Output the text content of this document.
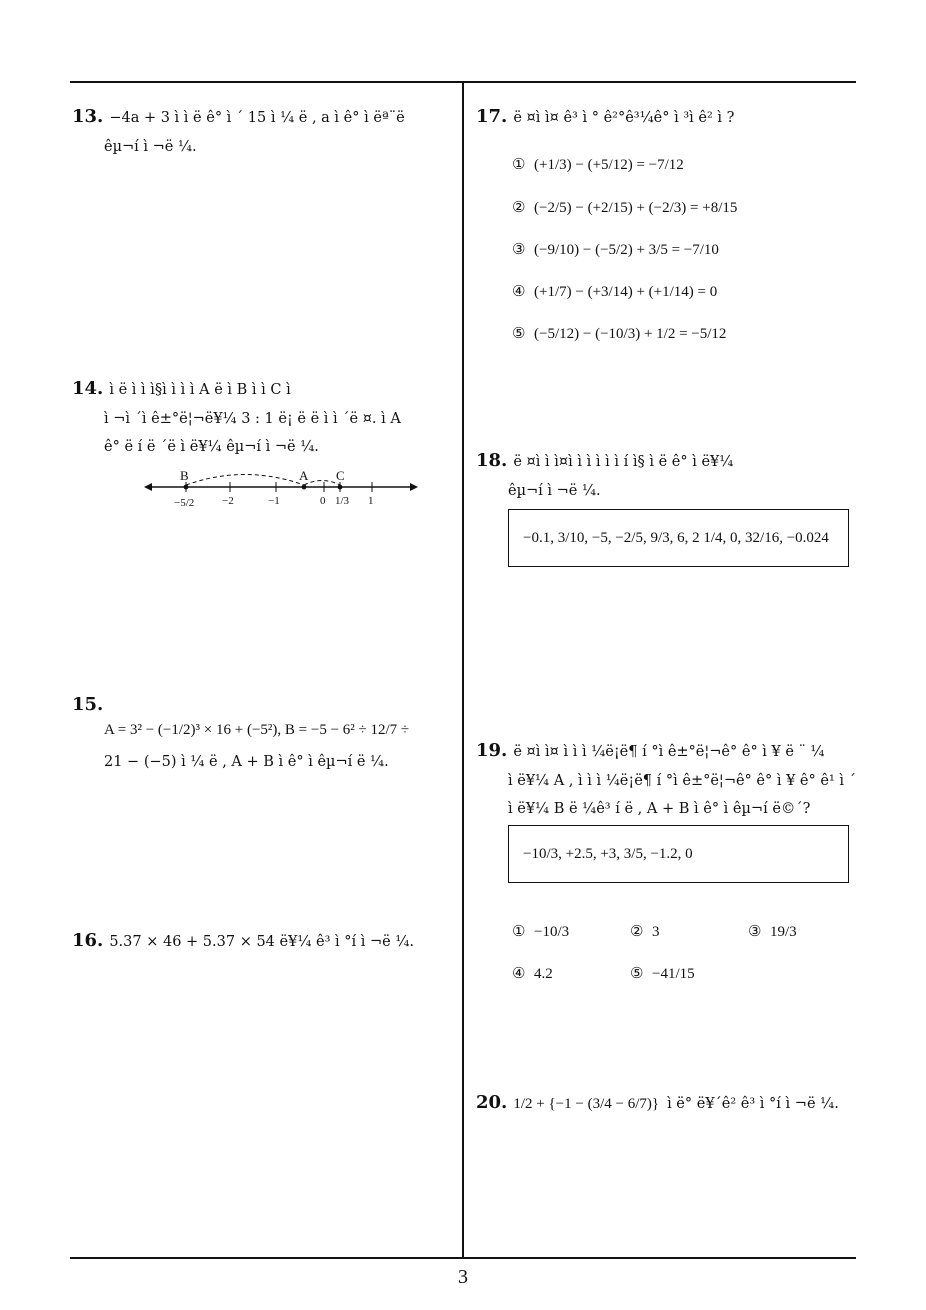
13. −4a + 3 ì ì ë ê° ì ´ 15 ì ¼ ë , a ì ê° ì ëª¨ë
êµ¬í ì ¬ë ¼.
14. ì ë ì ì ì§ì ì ì ì A ë ì B ì ì C ì
ì ¬ì ´ì ê±°ë¦¬ë¥¼ 3 : 1 ë¡ ë ë ì ì ´ë ¤. ì A
ê° ë í ë ´ë ì ë¥¼ êµ¬í ì ¬ë ¼.
B	A C
−5/2	−2	−1	0 1/3 1
15.
A = 3² − (−1/2)³ × 16 + (−5²), B = −5 − 6² ÷ 12/7 ÷
21 − (−5) ì ¼ ë , A + B ì ê° ì êµ¬í ë ¼.
16. 5.37 × 46 + 5.37 × 54 ë¥¼ ê³ ì °í ì ¬ë ¼.
17. ë ¤ì ì¤ ê³ ì ° ê²°ê³¼ê° ì ³ì ê² ì ?
① (+1/3) − (+5/12) = −7/12
② (−2/5) − (+2/15) + (−2/3) = +8/15
③ (−9/10) − (−5/2) + 3/5 = −7/10
④ (+1/7) − (+3/14) + (+1/14) = 0
⑤ (−5/12) − (−10/3) + 1/2 = −5/12
18. ë ¤ì ì ì¤ì ì ì ì ì ì í ì§ ì ë ê° ì ë¥¼
êµ¬í ì ¬ë ¼.
−0.1, 3/10, −5, −2/5, 9/3, 6, 2 1/4, 0, 32/16, −0.024
19. ë ¤ì ì¤ ì ì ì ¼ë¡ë¶ í °ì ê±°ë¦¬ê° ê° ì ¥ ë ¨ ¼
ì ë¥¼ A , ì ì ì ¼ë¡ë¶ í °ì ê±°ë¦¬ê° ê° ì ¥ ê° ê¹ ì ´
ì ë¥¼ B ë ¼ê³ í ë , A + B ì ê° ì êµ¬í ë©´?
−10/3, +2.5, +3, 3/5, −1.2, 0
① −10/3	② 3	③ 19/3
④ 4.2	⑤ −41/15
20. 1/2 + {−1 − (3/4 − 6/7)} ì ë° ë¥´ê² ê³ ì °í ì ¬ë ¼.
3
